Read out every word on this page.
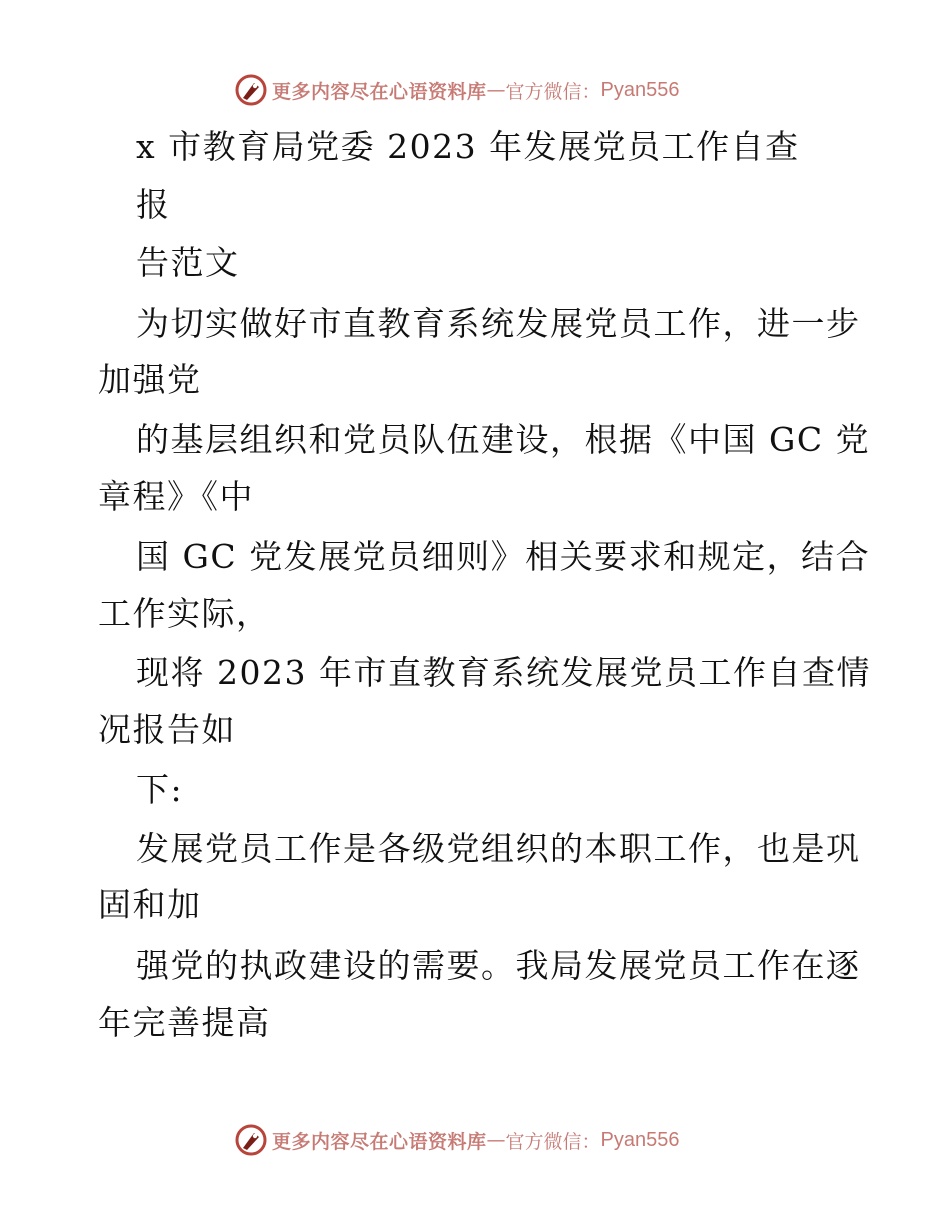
更多内容尽在心语资料库 — 官方微信： Pyan556
x 市教育局党委 2023 年发展党员工作自查
报
告范文
为切实做好市直教育系统发展党员工作，进一步
加强党
的基层组织和党员队伍建设，根据《中国 GC 党
章程》《中
国 GC 党发展党员细则》相关要求和规定，结合
工作实际，
现将 2023 年市直教育系统发展党员工作自查情
况报告如
下:
发展党员工作是各级党组织的本职工作，也是巩
固和加
强党的执政建设的需要。我局发展党员工作在逐
年完善提高
更多内容尽在心语资料库 — 官方微信： Pyan556
